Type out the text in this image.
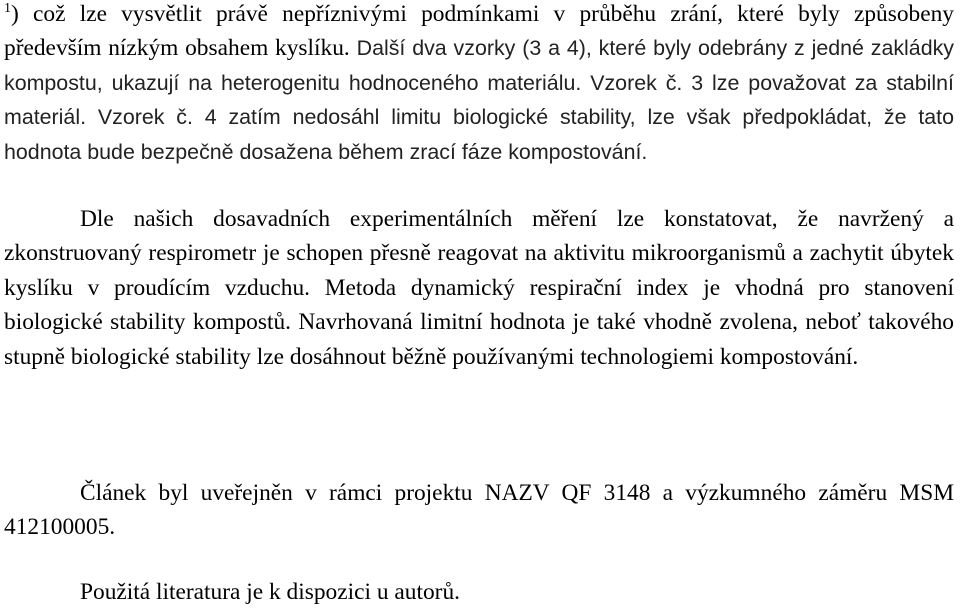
$^1$) což lze vysvětlit právě nepříznivými podmínkami v průběhu zrání, které byly způsobeny především nízkým obsahem kyslíku. Další dva vzorky (3 a 4), které byly odebrány z jedné zakládky kompostu, ukazují na heterogenitu hodnoceného materiálu. Vzorek č. 3 lze považovat za stabilní materiál. Vzorek č. 4 zatím nedosáhl limitu biologické stability, lze však předpokládat, že tato hodnota bude bezpečně dosažena během zrací fáze kompostování.

Dle našich dosavadních experimentálních měření lze konstatovat, že navržený a zkonstruovaný respirometr je schopen přesně reagovat na aktivitu mikroorganismů a zachytit úbytek kyslíku v proudícím vzduchu. Metoda dynamický respirační index je vhodná pro stanovení biologické stability kompostů. Navrhovaná limitní hodnota je také vhodně zvolena, neboť takového stupně biologické stability lze dosáhnout běžně používanými technologiemi kompostování.

Článek byl uveřejněn v rámci projektu NAZV QF 3148 a výzkumného záměru MSM 412100005.

Použitá literatura je k dispozici u autorů.
